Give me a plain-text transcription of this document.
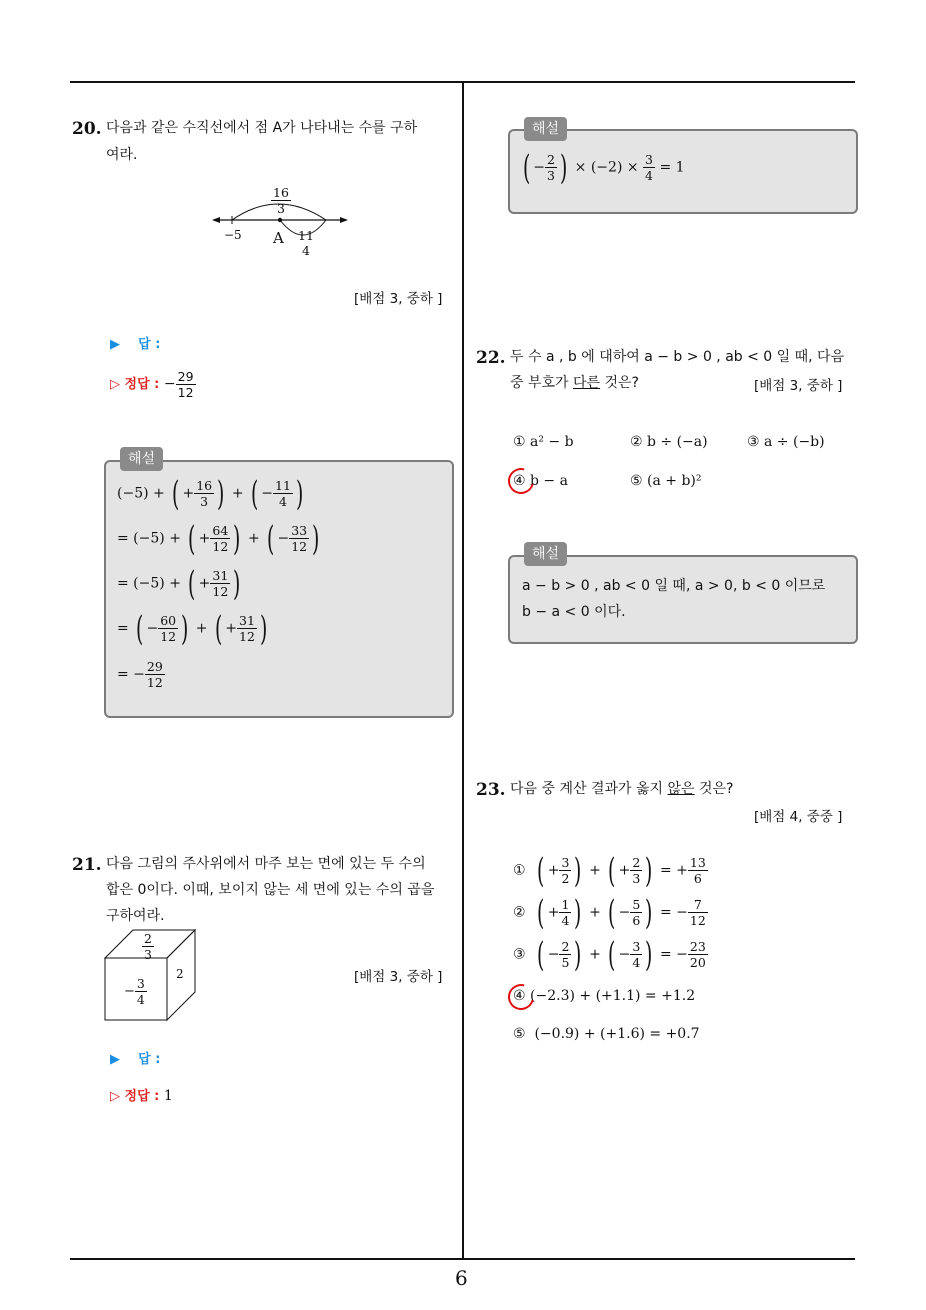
6
20. 다음과 같은 수직선에서 점 A가 나타내는 수를 구하
여라.
$\frac{16}{3}$
−5 A 11
4
[배점 3, 중하 ]
▶ 답 :
▷ 정답 : − $\frac{29}{12}$
해설
(−5) + ( + $\frac{16}{3}$ ) + ( − $\frac{11}{4}$ )
= (−5) + ( + $\frac{64}{12}$ ) + ( − $\frac{33}{12}$ )
= (−5) + ( + $\frac{31}{12}$ )
= ( − $\frac{60}{12}$ ) + ( + $\frac{31}{12}$ )
= − $\frac{29}{12}$
21. 다음 그림의 주사위에서 마주 보는 면에 있는 두 수의
합은 0이다. 이때, 보이지 않는 세 면에 있는 수의 곱을
구하여라.
$\frac{2}{3}$
− $\frac{3}{4}$
2	[배점 3, 중하 ]
▶ 답 :
▷ 정답 : 1
해설
( − $\frac{2}{3}$ ) × $(-2) \times \frac{3}{4} = 1$
22. 두 수 a , b 에 대하여 a − b > 0 , ab < 0 일 때, 다음
중 부호가 다른 것은?	[배점 3, 중하 ]
① a² − b	② b ÷ (−a)	③ a ÷ (−b)
④ b − a	⑤ (a + b)²
해설
a − b > 0 , ab < 0 일 때, a > 0, b < 0 이므로
b − a < 0 이다.
23. 다음 중 계산 결과가 옳지 않은 것은?
[배점 4, 중중 ]
① ( + $\frac{3}{2}$ ) + ( + $\frac{2}{3}$ ) = + $\frac{13}{6}$
② ( + $\frac{1}{4}$ ) + ( − $\frac{5}{6}$ ) = − $\frac{7}{12}$
③ ( − $\frac{2}{5}$ ) + ( − $\frac{3}{4}$ ) = − $\frac{23}{20}$
④ (−2.3) + (+1.1) = +1.2
⑤ (−0.9) + (+1.6) = +0.7
